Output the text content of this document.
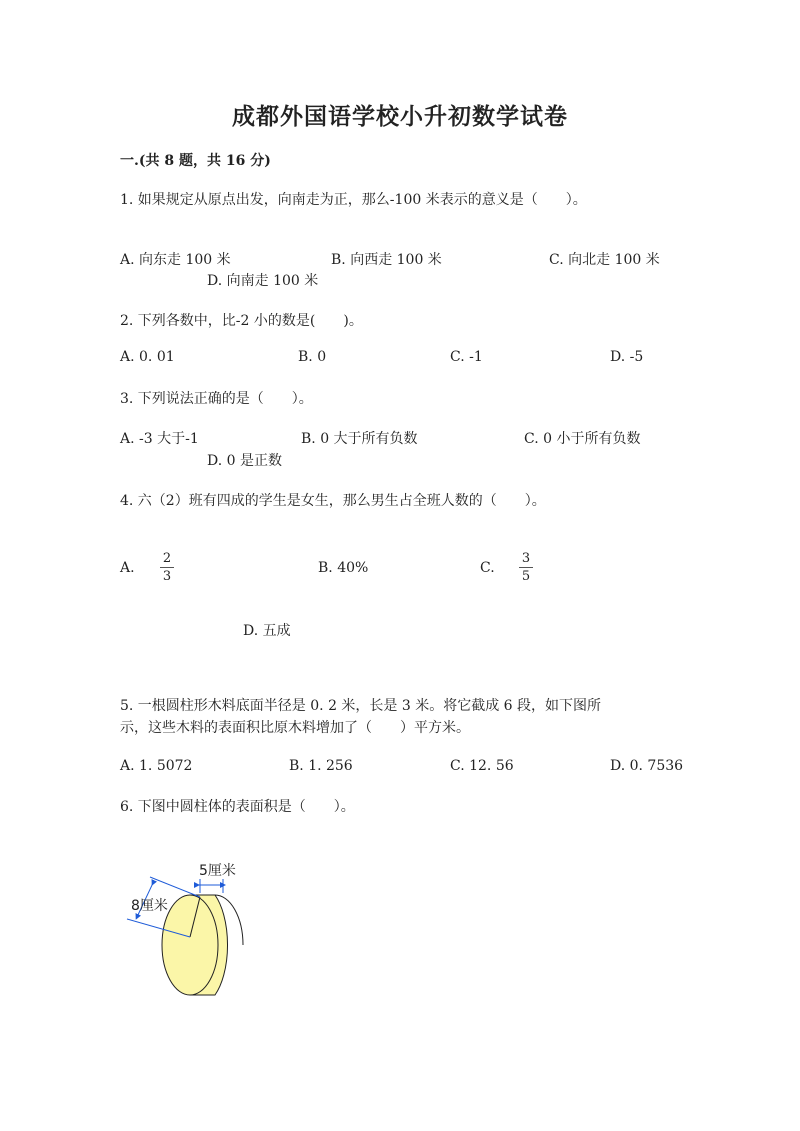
成都外国语学校小升初数学试卷
一.(共 8 题，共 16 分)
1. 如果规定从原点出发，向南走为正，那么-100 米表示的意义是（　　）。
A. 向东走 100 米	B. 向西走 100 米	C. 向北走 100 米
D. 向南走 100 米
2. 下列各数中，比-2 小的数是(　　)。
A. 0. 01	B. 0	C. -1	D. -5
3. 下列说法正确的是（　　）。
A. -3 大于-1	B. 0 大于所有负数	C. 0 小于所有负数
D. 0 是正数
4. 六（2）班有四成的学生是女生，那么男生占全班人数的（　　）。
A.
2
3
B. 40%	C.
3
5
D. 五成
5. 一根圆柱形木料底面半径是 0. 2 米，长是 3 米。将它截成 6 段，如下图所
示，这些木料的表面积比原木料增加了（　　）平方米。
A. 1. 5072	B. 1. 256	C. 12. 56	D. 0. 7536
6. 下图中圆柱体的表面积是（　　）。
5厘米
8厘米
